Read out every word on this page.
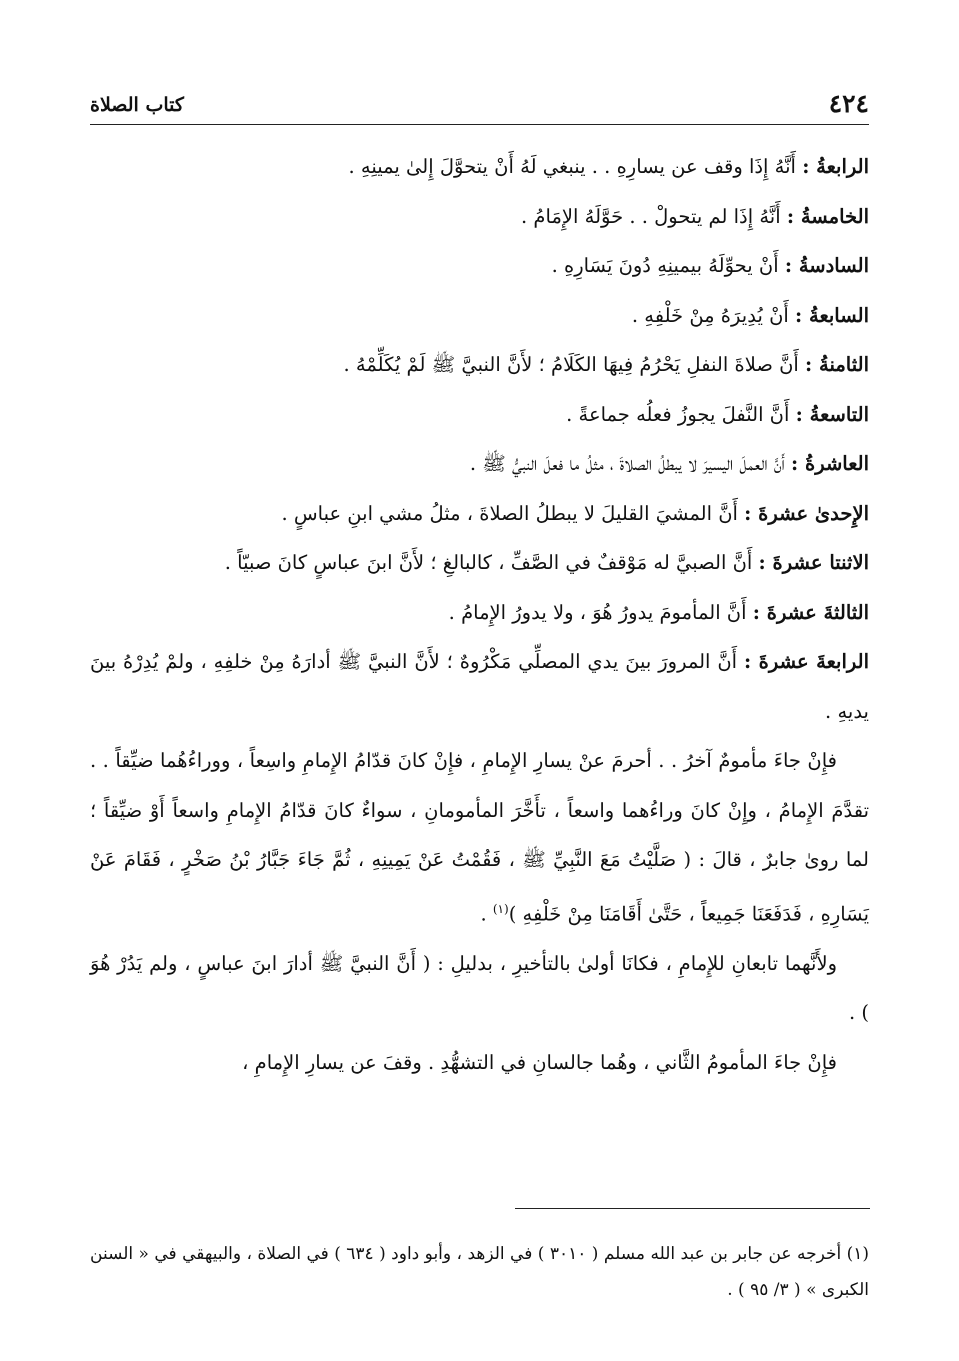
٤٢٤
كتاب الصلاة

الرابعةُ : أَنَّهُ إِذَا وقف عن يسارِهِ . . ينبغي لَهُ أَنْ يتحوَّلَ إِلىٰ يمينِهِ .

الخامسةُ : أَنَّهُ إِذَا لم يتحولْ . . حَوَّلَهُ الإِمَامُ .

السادسةُ : أَنْ يحوِّلَهُ بيمينِهِ دُونَ يَسَارِهِ .

السابعةُ : أَنْ يُدِيرَهُ مِنْ خَلْفِهِ .

الثامنةُ : أَنَّ صلاةَ النفلِ يَحْرُمُ فِيهَا الكَلَامُ ؛ لأَنَّ النبيَّ ﷺ لَمْ يُكَلِّمْهُ .

التاسعةُ : أَنَّ النَّفلَ يجوزُ فعلُه جماعةً .

العاشرةُ : أَنَّ العملَ اليسيرَ لا يبطلُ الصلاةَ ، مثلُ ما فعلَ النبيُّ ﷺ .

الإِحدىٰ عشرةَ : أَنَّ المشيَ القليلَ لا يبطلُ الصلاةَ ، مثلُ مشي ابنِ عباسٍ .

الاثنتا عشرةَ : أَنَّ الصبيَّ له مَوْقفٌ في الصَّفِّ ، كالبالغِ ؛ لأَنَّ ابنَ عباسٍ كانَ صبيّاً .

الثالثةَ عشرةَ : أَنَّ المأمومَ يدورُ هُوَ ، ولا يدورُ الإِمامُ .

الرابعةَ عشرةَ : أَنَّ المرورَ بينَ يدي المصلِّي مَكْرُوهٌ ؛ لأَنَّ النبيَّ ﷺ أدارَهُ مِنْ خلفِهِ ، ولمْ يُدِرْهُ بينَ يديهِ .

فإِنْ جاءَ مأمومٌ آخرُ . . أحرمَ عنْ يسارِ الإِمامِ ، فإِنْ كانَ قدّامُ الإِمامِ واسِعاً ، ووراءُهُما ضيِّقاً . . تقدَّمَ الإِمامُ ، وإِنْ كانَ وراءُهما واسعاً ، تأَخَّرَ المأمومانِ ، سواءٌ كانَ قدّامُ الإِمامِ واسعاً أَوْ ضيِّقاً ؛ لما روىٰ جابرٌ ، قالَ : ( صَلَّيْتُ مَعَ النَّبِيِّ ﷺ ، فَقُمْتُ عَنْ يَمِينِهِ ، ثُمَّ جَاءَ جَبَّارُ بْنُ صَخْرٍ ، فَقَامَ عَنْ يَسَارِهِ ، فَدَفَعَنَا جَمِيعاً ، حَتَّىٰ أَقَامَنَا مِنْ خَلْفِهِ )$^{(١)}$ .

ولأَنَّهما تابعانِ للإِمامِ ، فكانَا أولىٰ بالتأخيرِ ، بدليلِ : ( أَنَّ النبيَّ ﷺ أدارَ ابنَ عباسٍ ، ولم يَدُرْ هُوَ ) .

فإِنْ جاءَ المأمومُ الثَّاني ، وهُما جالسانِ في التشهُّدِ . وقفَ عن يسارِ الإِمامِ ،

(١) أخرجه عن جابر بن عبد الله مسلم ( ٣٠١٠ ) في الزهد ، وأبو داود ( ٦٣٤ ) في الصلاة ، والبيهقي في « السنن الكبرى » ( ٣/ ٩٥ ) .
